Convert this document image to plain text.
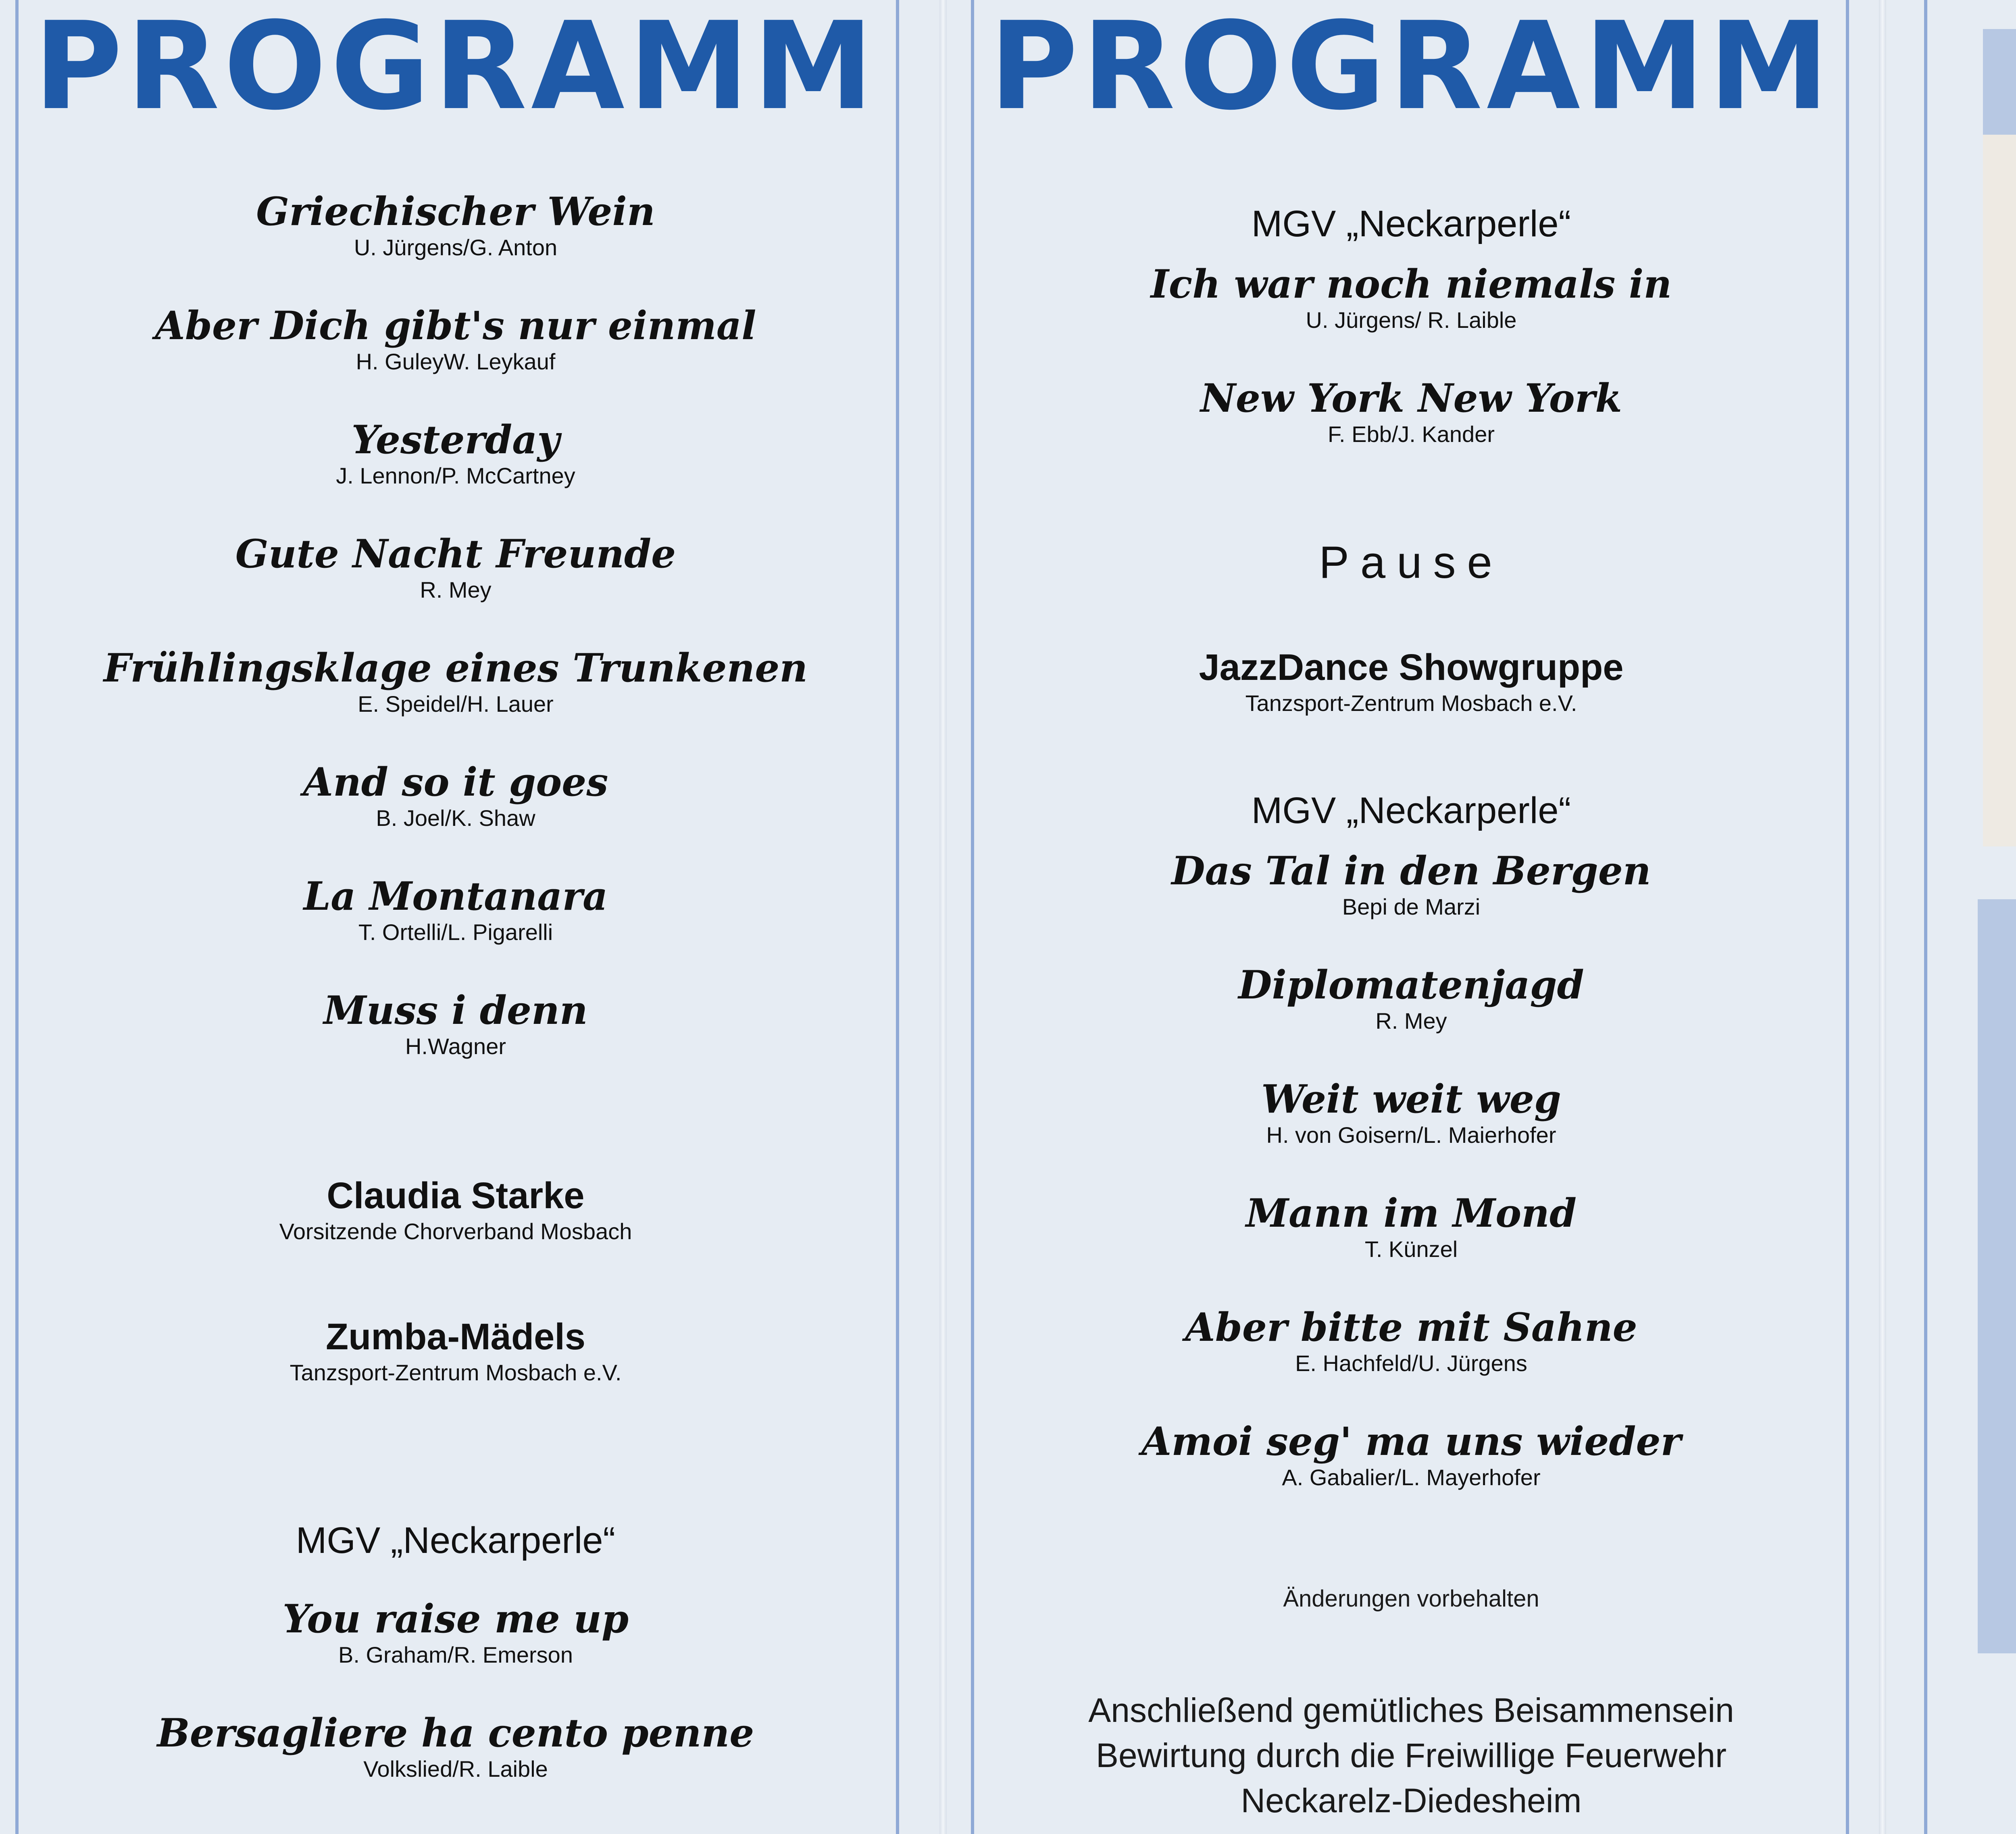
PROGRAMM
Griechischer Wein
U. Jürgens/G. Anton
Aber Dich gibt's nur einmal
H. GuleyW. Leykauf
Yesterday
J. Lennon/P. McCartney
Gute Nacht Freunde
R. Mey
Frühlingsklage eines Trunkenen
E. Speidel/H. Lauer
And so it goes
B. Joel/K. Shaw
La Montanara
T. Ortelli/L. Pigarelli
Muss i denn
H.Wagner
Claudia Starke
Vorsitzende Chorverband Mosbach
Zumba-Mädels
Tanzsport-Zentrum Mosbach e.V.
MGV „Neckarperle“
You raise me up
B. Graham/R. Emerson
Bersagliere ha cento penne
Volkslied/R. Laible
PROGRAMM
MGV „Neckarperle“
Ich war noch niemals in
U. Jürgens/ R. Laible
New York New York
F. Ebb/J. Kander
Pause
JazzDance Showgruppe
Tanzsport-Zentrum Mosbach e.V.
MGV „Neckarperle“
Das Tal in den Bergen
Bepi de Marzi
Diplomatenjagd
R. Mey
Weit weit weg
H. von Goisern/L. Maierhofer
Mann im Mond
T. Künzel
Aber bitte mit Sahne
E. Hachfeld/U. Jürgens
Amoi seg' ma uns wieder
A. Gabalier/L. Mayerhofer
Änderungen vorbehalten
Anschließend gemütliches Beisammensein
Bewirtung durch die Freiwillige Feuerwehr
Neckarelz-Diedesheim
